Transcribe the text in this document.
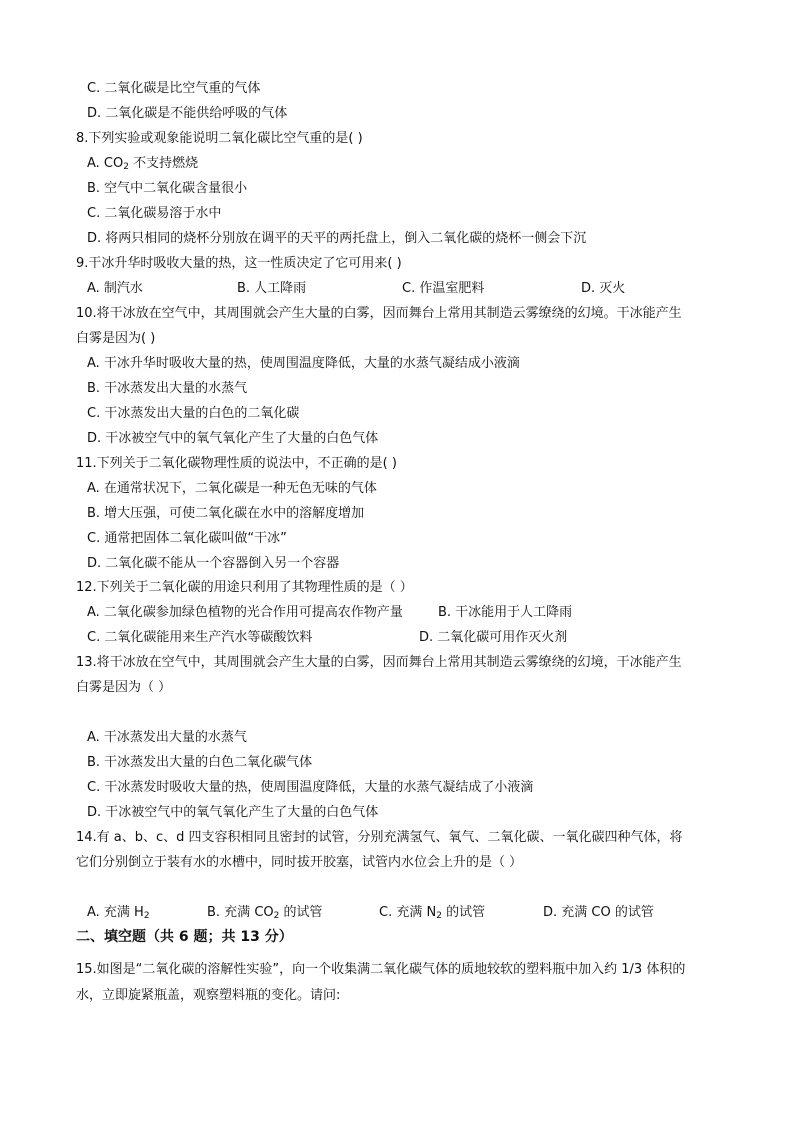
C. 二氧化碳是比空气重的气体
D. 二氧化碳是不能供给呼吸的气体
8.下列实验或观象能说明二氧化碳比空气重的是( )
A. $CO_2$ 不支持燃烧
B. 空气中二氧化碳含量很小
C. 二氧化碳易溶于水中
D. 将两只相同的烧杯分别放在调平的天平的两托盘上，倒入二氧化碳的烧杯一侧会下沉
9.干冰升华时吸收大量的热，这一性质决定了它可用来( )
A. 制汽水	B. 人工降雨	C. 作温室肥料	D. 灭火
10.将干冰放在空气中，其周围就会产生大量的白雾，因而舞台上常用其制造云雾缭绕的幻境。干冰能产生
白雾是因为( )
A. 干冰升华时吸收大量的热，使周围温度降低，大量的水蒸气凝结成小液滴
B. 干冰蒸发出大量的水蒸气
C. 干冰蒸发出大量的白色的二氧化碳
D. 干冰被空气中的氧气氧化产生了大量的白色气体
11.下列关于二氧化碳物理性质的说法中，不正确的是( )
A. 在通常状况下，二氧化碳是一种无色无味的气体
B. 增大压强，可使二氧化碳在水中的溶解度增加
C. 通常把固体二氧化碳叫做“干冰”
D. 二氧化碳不能从一个容器倒入另一个容器
12.下列关于二氧化碳的用途只利用了其物理性质的是（ ）
A. 二氧化碳参加绿色植物的光合作用可提高农作物产量	B. 干冰能用于人工降雨
C. 二氧化碳能用来生产汽水等碳酸饮料	D. 二氧化碳可用作灭火剂
13.将干冰放在空气中，其周围就会产生大量的白雾，因而舞台上常用其制造云雾缭绕的幻境，干冰能产生
白雾是因为（ ）
A. 干冰蒸发出大量的水蒸气
B. 干冰蒸发出大量的白色二氧化碳气体
C. 干冰蒸发时吸收大量的热，使周围温度降低，大量的水蒸气凝结成了小液滴
D. 干冰被空气中的氧气氧化产生了大量的白色气体
14.有 a、b、c、d 四支容积相同且密封的试管，分别充满氢气、氧气、二氧化碳、一氧化碳四种气体，将
它们分别倒立于装有水的水槽中，同时拔开胶塞，试管内水位会上升的是（ ）
A. 充满 $H_2$	B. 充满 $CO_2$ 的试管	C. 充满 $N_2$ 的试管	D. 充满 CO 的试管
二、填空题（共 6 题；共 13 分）
15.如图是“二氧化碳的溶解性实验”，向一个收集满二氧化碳气体的质地较软的塑料瓶中加入约 1/3 体积的
水，立即旋紧瓶盖，观察塑料瓶的变化。请问:
